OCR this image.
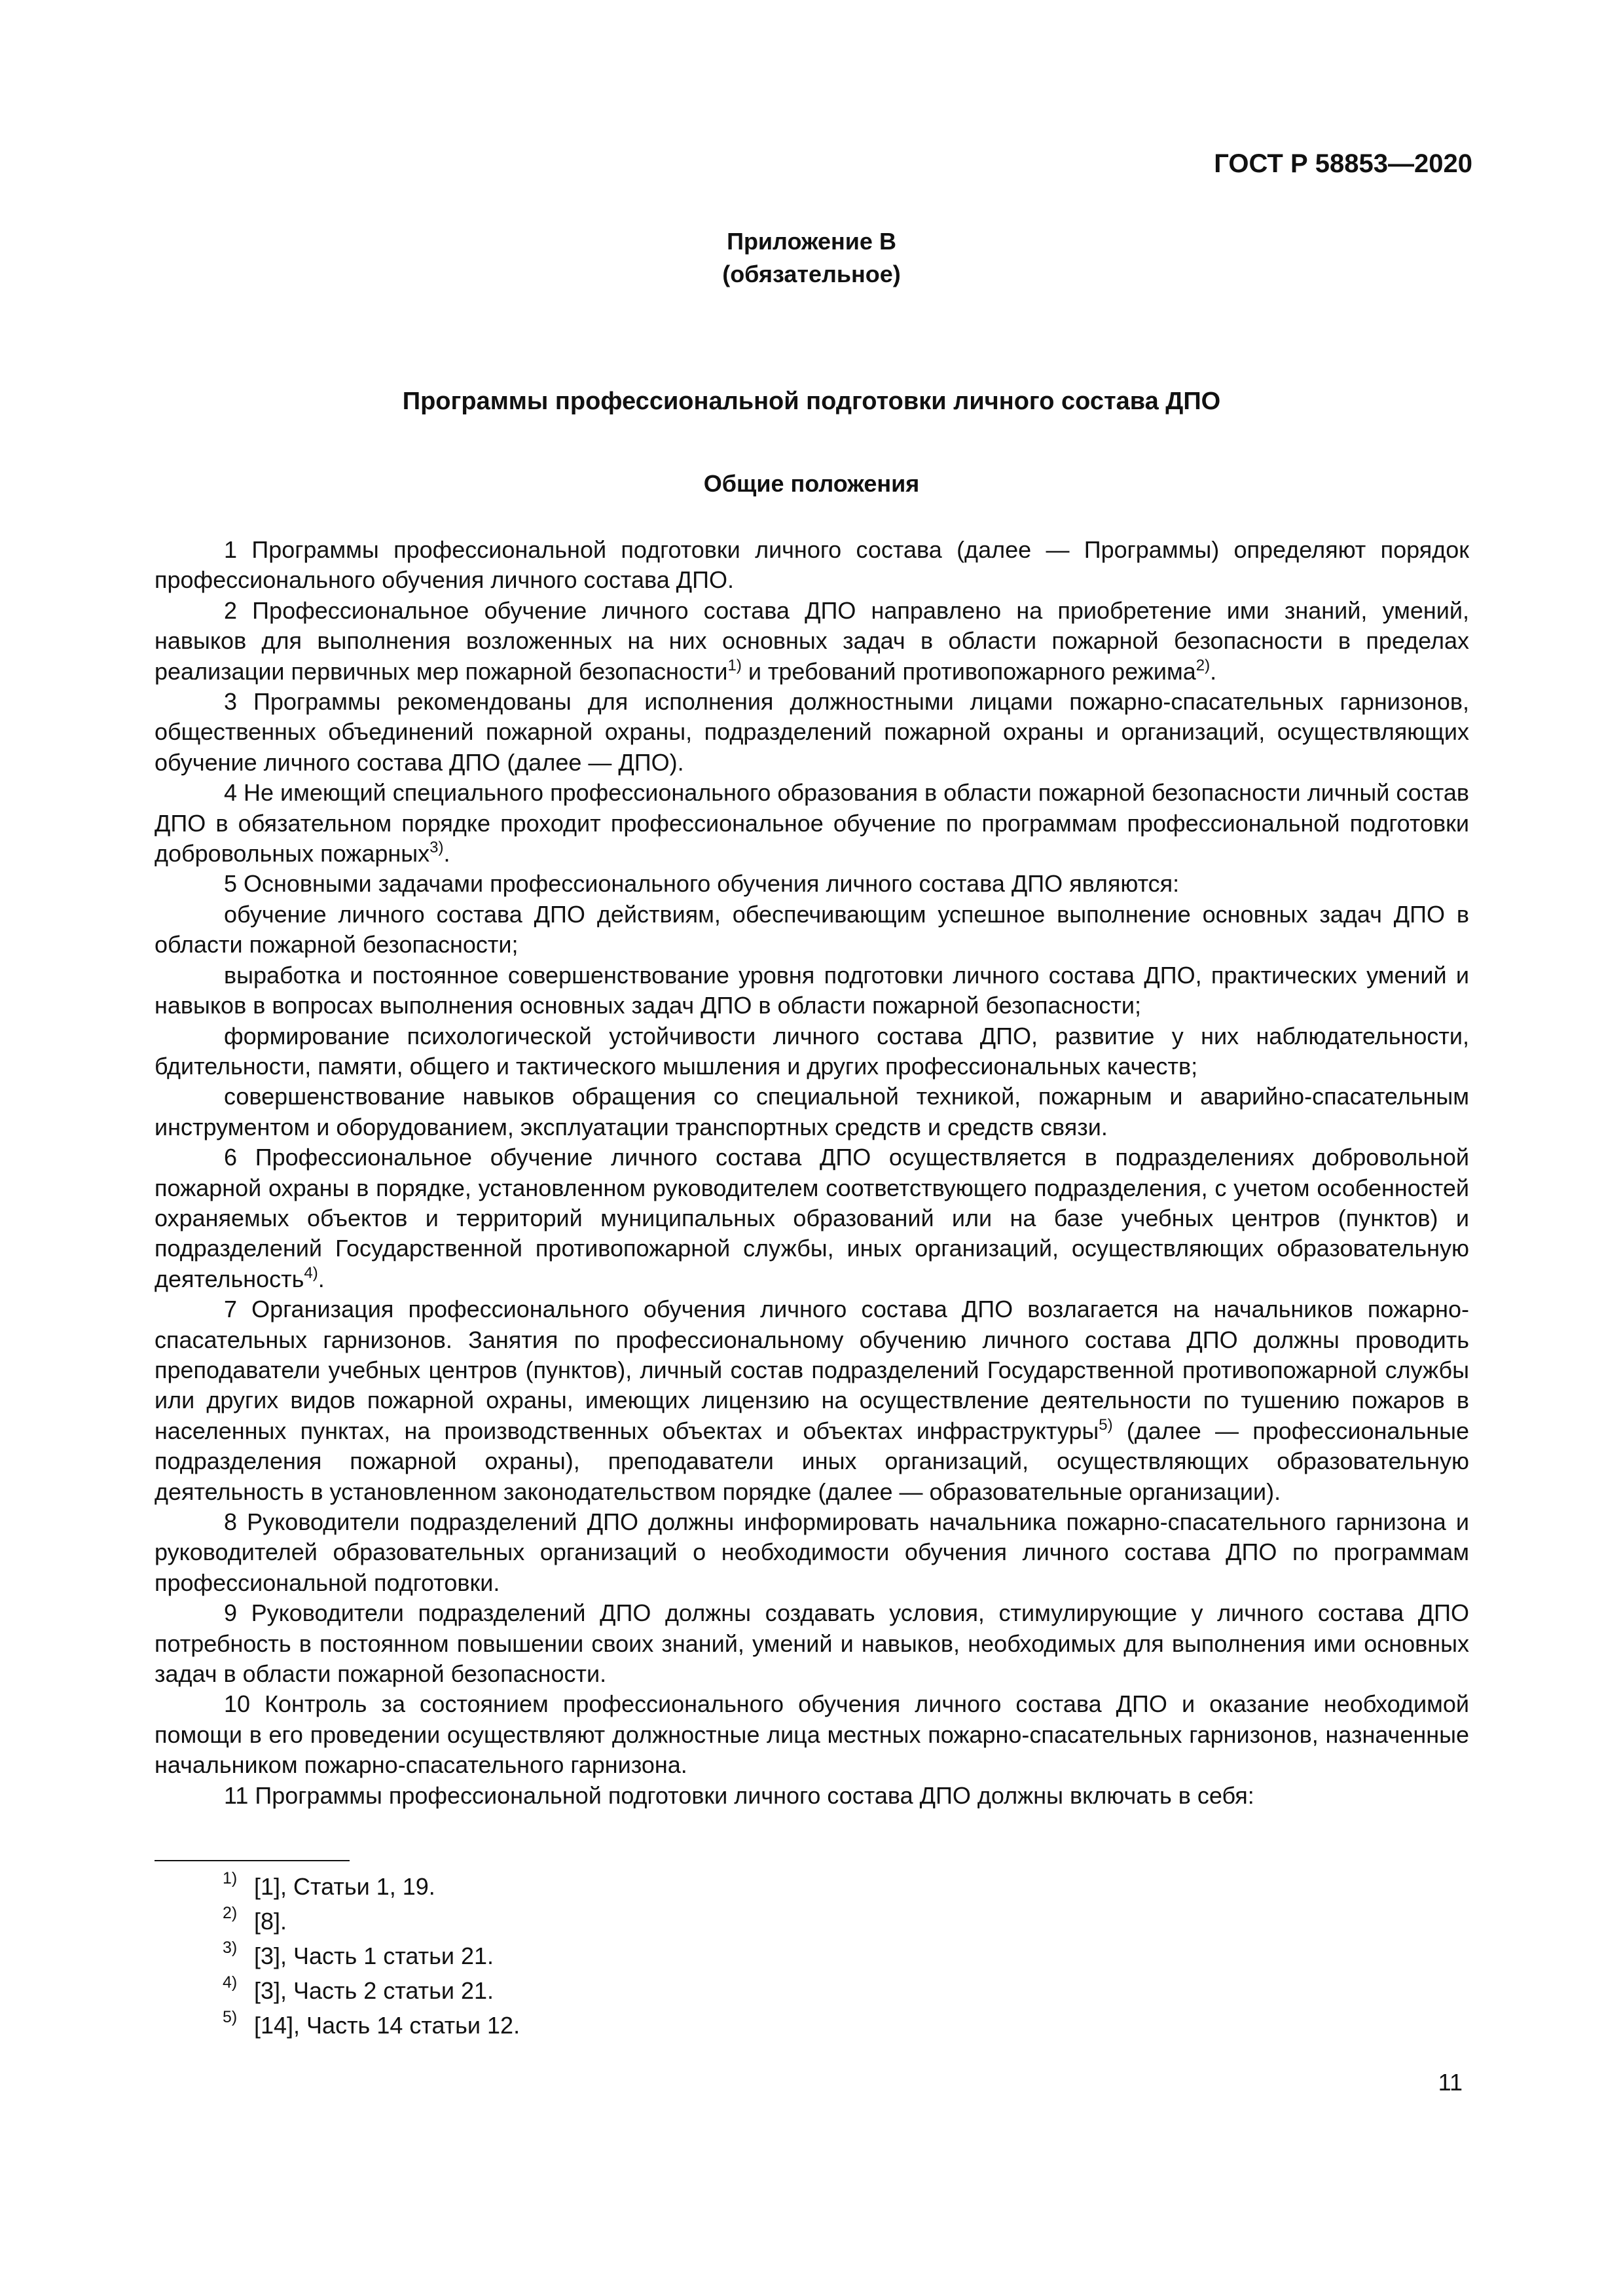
ГОСТ Р 58853—2020
Приложение В
(обязательное)
Программы профессиональной подготовки личного состава ДПО
Общие положения

1 Программы профессиональной подготовки личного состава (далее — Программы) определяют порядок профессионального обучения личного состава ДПО.

2 Профессиональное обучение личного состава ДПО направлено на приобретение ими знаний, умений, навыков для выполнения возложенных на них основных задач в области пожарной безопасности в пределах реализации первичных мер пожарной безопасности$^{1)}$ и требований противопожарного режима$^{2)}$.

3 Программы рекомендованы для исполнения должностными лицами пожарно-спасательных гарнизонов, общественных объединений пожарной охраны, подразделений пожарной охраны и организаций, осуществляющих обучение личного состава ДПО (далее — ДПО).

4 Не имеющий специального профессионального образования в области пожарной безопасности личный состав ДПО в обязательном порядке проходит профессиональное обучение по программам профессиональной подготовки добровольных пожарных$^{3)}$.

5 Основными задачами профессионального обучения личного состава ДПО являются:

обучение личного состава ДПО действиям, обеспечивающим успешное выполнение основных задач ДПО в области пожарной безопасности;

выработка и постоянное совершенствование уровня подготовки личного состава ДПО, практических умений и навыков в вопросах выполнения основных задач ДПО в области пожарной безопасности;

формирование психологической устойчивости личного состава ДПО, развитие у них наблюдательности, бдительности, памяти, общего и тактического мышления и других профессиональных качеств;

совершенствование навыков обращения со специальной техникой, пожарным и аварийно-спасательным инструментом и оборудованием, эксплуатации транспортных средств и средств связи.

6 Профессиональное обучение личного состава ДПО осуществляется в подразделениях добровольной пожарной охраны в порядке, установленном руководителем соответствующего подразделения, с учетом особенностей охраняемых объектов и территорий муниципальных образований или на базе учебных центров (пунктов) и подразделений Государственной противопожарной службы, иных организаций, осуществляющих образовательную деятельность$^{4)}$.

7 Организация профессионального обучения личного состава ДПО возлагается на начальников пожарно-спасательных гарнизонов. Занятия по профессиональному обучению личного состава ДПО должны проводить преподаватели учебных центров (пунктов), личный состав подразделений Государственной противопожарной службы или других видов пожарной охраны, имеющих лицензию на осуществление деятельности по тушению пожаров в населенных пунктах, на производственных объектах и объектах инфраструктуры$^{5)}$ (далее — профессиональные подразделения пожарной охраны), преподаватели иных организаций, осуществляющих образовательную деятельность в установленном законодательством порядке (далее — образовательные организации).

8 Руководители подразделений ДПО должны информировать начальника пожарно-спасательного гарнизона и руководителей образовательных организаций о необходимости обучения личного состава ДПО по программам профессиональной подготовки.

9 Руководители подразделений ДПО должны создавать условия, стимулирующие у личного состава ДПО потребность в постоянном повышении своих знаний, умений и навыков, необходимых для выполнения ими основных задач в области пожарной безопасности.

10 Контроль за состоянием профессионального обучения личного состава ДПО и оказание необходимой помощи в его проведении осуществляют должностные лица местных пожарно-спасательных гарнизонов, назначенные начальником пожарно-спасательного гарнизона.

11 Программы профессиональной подготовки личного состава ДПО должны включать в себя:

1) [1], Статьи 1, 19.
2) [8].
3) [3], Часть 1 статьи 21.
4) [3], Часть 2 статьи 21.
5) [14], Часть 14 статьи 12.
11
